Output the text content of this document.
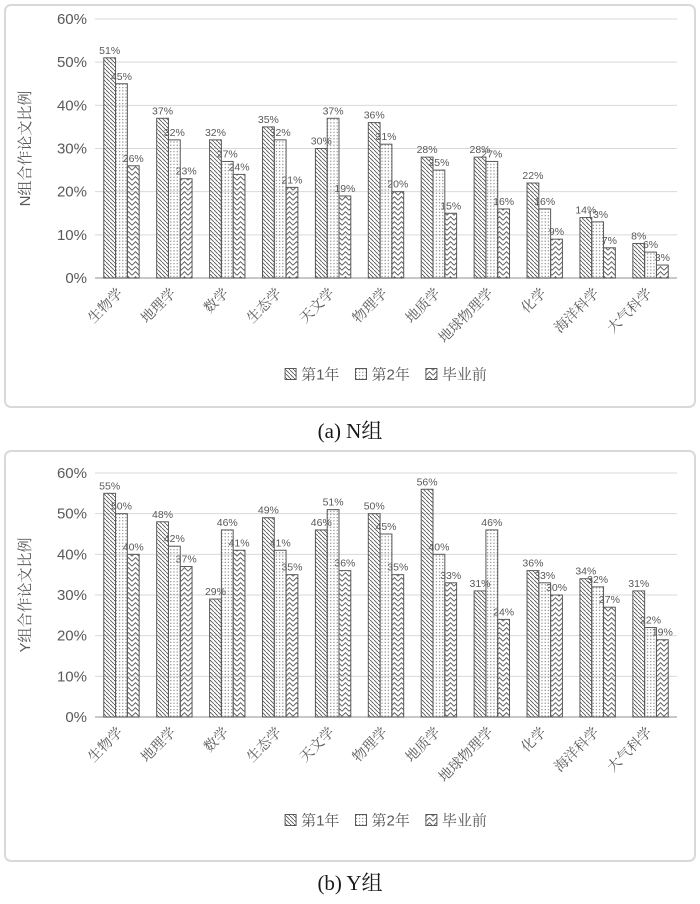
0%
10%
20%
30%
40%
50%
60%
N组合作论文比例
51%
45%
26%
37%
32%
23%
32%
27%
24%
35%
32%
21%
30%
37%
19%
36%
31%
20%
28%
25%
15%
28%
27%
16%
22%
16%
9%
14%
13%
7% 8%
6%
3%
生物学 地理学 数学 生态学 天文学 物理学 地质学
地球物理学 化学 海洋科学 大气科学
第1年 第2年 毕业前
(a) N组
0%
10%
20%
30%
40%
50%
60%
Y组合作论文比例
55%
50%
40%
48%
42%
37%
29%
46%
41%
49%
41%
35%
46%
51%
36%
50%
45%
35%
56%
40%
33%
31%
46%
24%
36%
33%
30%
34%
32%
27%
31%
22%
19%
生物学 地理学 数学 生态学 天文学 物理学 地质学
地球物理学 化学 海洋科学 大气科学
第1年 第2年 毕业前
(b) Y组
